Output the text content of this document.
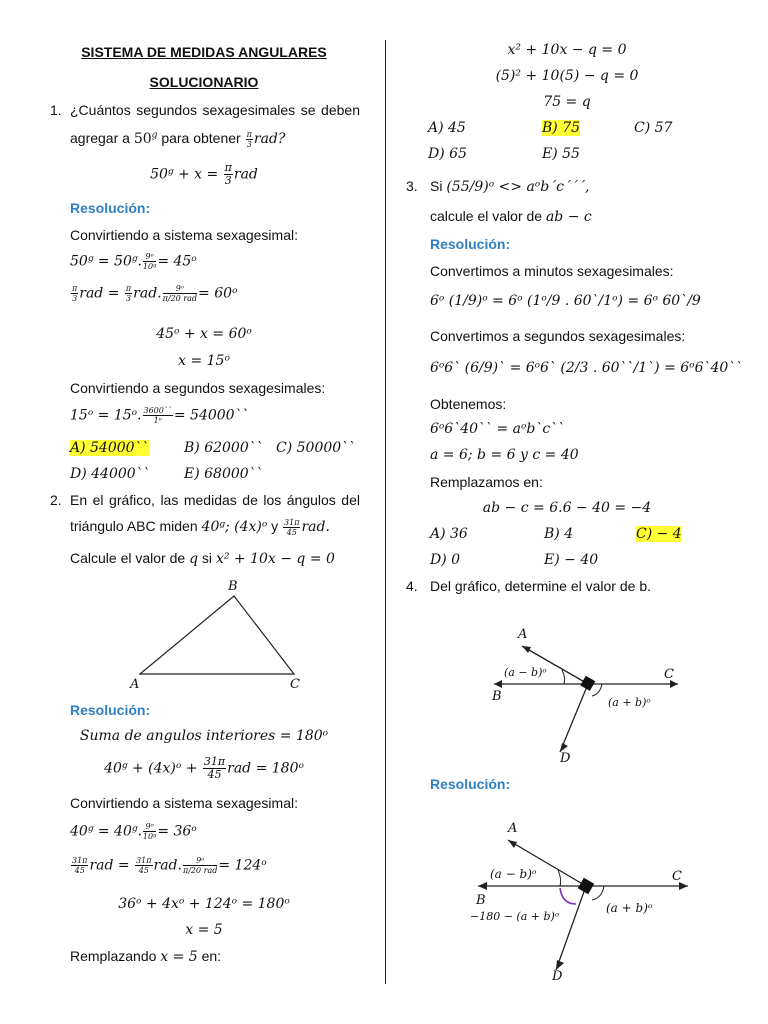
SISTEMA DE MEDIDAS ANGULARES
SOLUCIONARIO
1. ¿Cuántos segundos sexagesimales se deben
agregar a 50$^g$ para obtener $\frac{\pi}{3}$ rad?
50ᵍ + $x = \frac{\pi}{3}$ rad
Resolución:
Convirtiendo a sistema sexagesimal:
50ᵍ = 50ᵍ. $\frac{\text{9ᵒ}}{\text{10ᵍ}}$ = 45ᵒ
$\frac{\pi}{3}$ rad = $\frac{\pi}{3}$ rad. $\frac{\text{9ᵒ}}{\text{π/20 rad}}$ = 60ᵒ
45ᵒ + x = 60ᵒ
x = 15ᵒ
Convirtiendo a segundos sexagesimales:
15ᵒ = 15ᵒ. $\frac{3600``}{\text{1ᵒ}}$ = 54000``
A) 54000``	B) 62000`` C) 50000``
D) 44000`` E) 68000``
2. En el gráfico, las medidas de los ángulos del
triángulo ABC miden 40ᵍ; (4x)ᵒ y $\frac{31\pi}{45}$ rad.
Calcule el valor de q si x² + 10x − q = 0
A
B
C
Resolución:
Suma de angulos interiores = 180ᵒ
40ᵍ + (4x)ᵒ + $\frac{31\pi}{45}$ rad = 180ᵒ
Convirtiendo a sistema sexagesimal:
40ᵍ = 40ᵍ. $\frac{\text{9ᵒ}}{\text{10ᵍ}}$ = 36ᵒ
$\frac{31\pi}{45}$ rad = $\frac{31\pi}{45}$ rad. $\frac{\text{9ᵒ}}{\text{π/20 rad}}$ = 124ᵒ
36ᵒ + 4xᵒ + 124ᵒ = 180ᵒ
x = 5
Remplazando x = 5 en:
x² + 10x − q = 0
(5)² + 10(5) − q = 0
75 = q
A) 45	B) 75	C) 57
D) 65	E) 55
3. Si (55/9)ᵒ <> aᵒb´c´´´,
calcule el valor de ab − c
Resolución:
Convertimos a minutos sexagesimales:
6ᵒ (1/9)ᵒ = 6ᵒ (1ᵒ/9 . 60`/1ᵒ) = 6ᵒ 60`/9
Convertimos a segundos sexagesimales:
6ᵒ6` (6/9)` = 6ᵒ6` (2/3 . 60``/1`) = 6ᵒ6`40``
Obtenemos:
6ᵒ6`40`` = aᵒb`c``
a = 6; b = 6 y c = 40
Remplazamos en:
ab − c = 6.6 − 40 = −4
A) 36	B) 4	C) − 4
D) 0	E) − 40
4. Del gráfico, determine el valor de b.
A
B
C
D
(a − b)ᵒ
(a + b)ᵒ
Resolución:
A
B
C
D
(a − b)ᵒ
(a + b)ᵒ
−180 − (a + b)ᵒ
